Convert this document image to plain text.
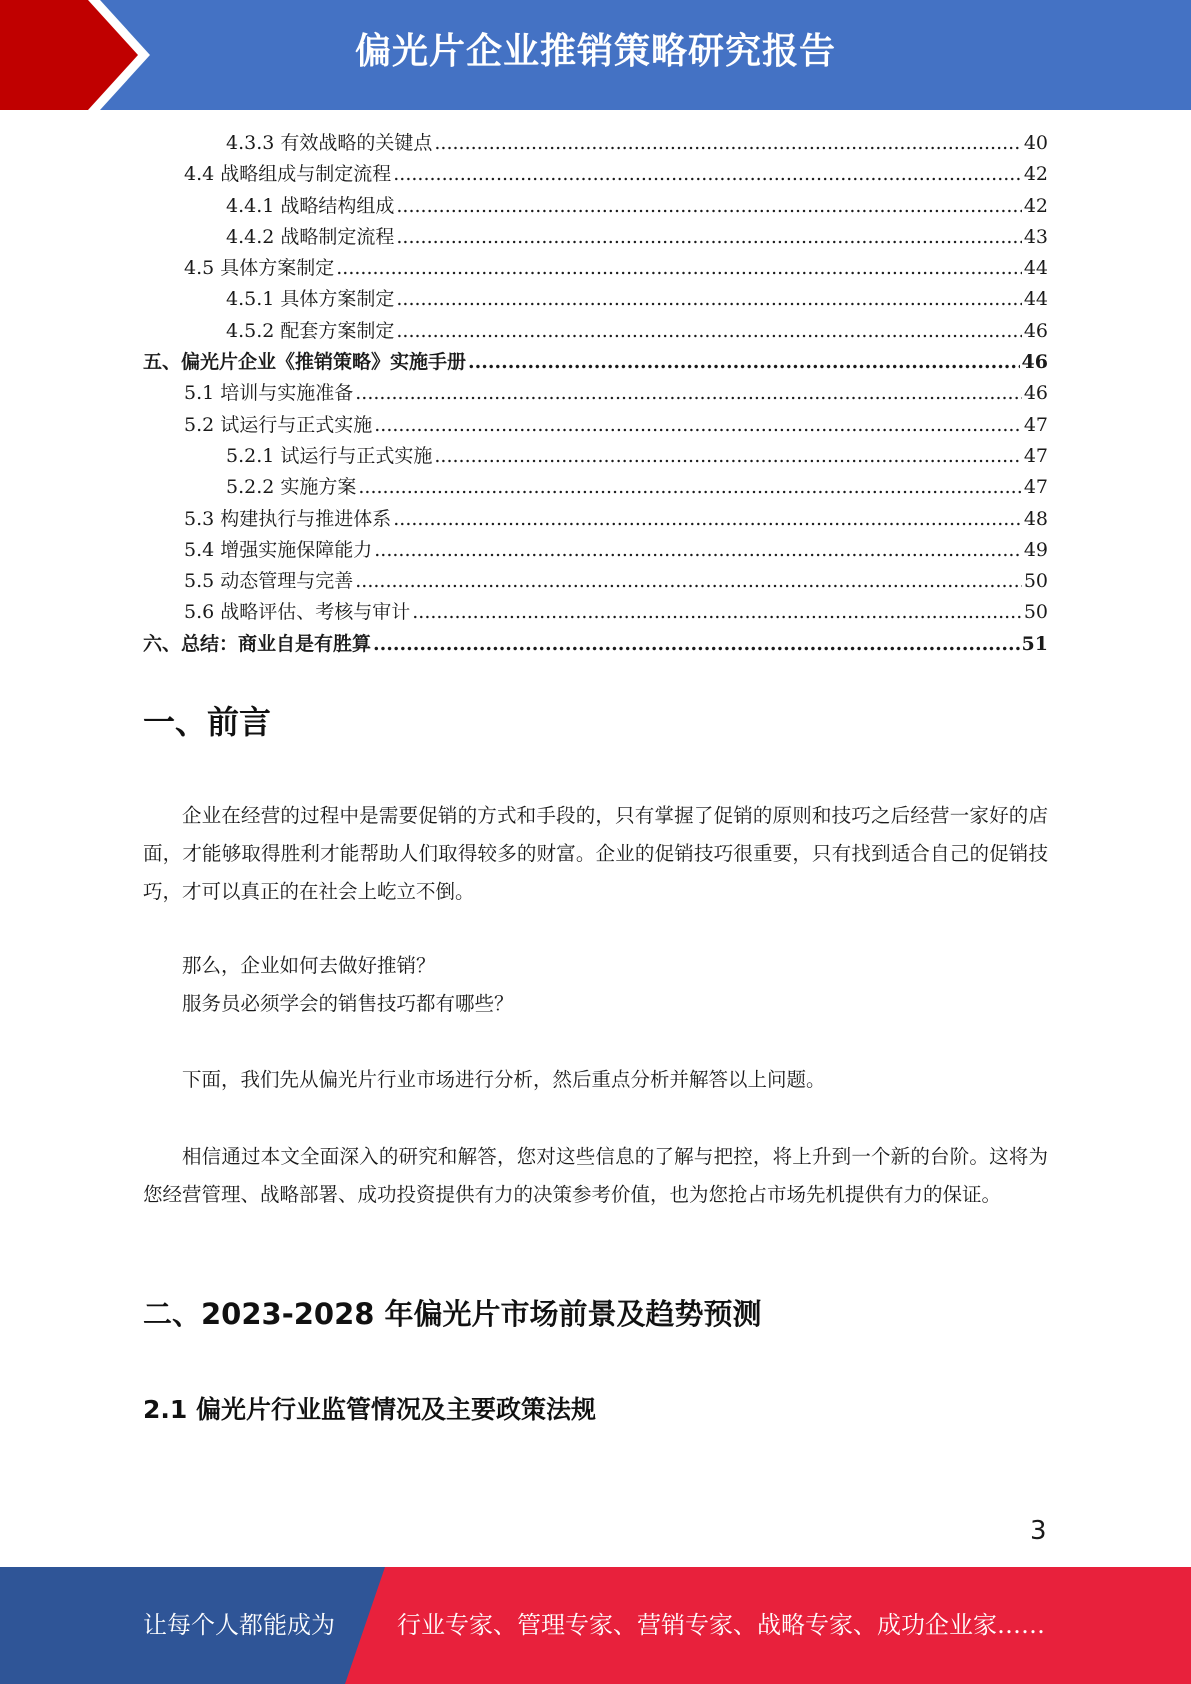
偏光片企业推销策略研究报告
4.3.3 有效战略的关键点 .....	40
4.4 战略组成与制定流程 .....	42
4.4.1 战略结构组成 .....	42
4.4.2 战略制定流程 .....	43
4.5 具体方案制定 .....	44
4.5.1 具体方案制定 .....	44
4.5.2 配套方案制定 .....	46
五、偏光片企业《推销策略》实施手册 .....	46
5.1 培训与实施准备 .....	46
5.2 试运行与正式实施 .....	47
5.2.1 试运行与正式实施 .....	47
5.2.2 实施方案 .....	47
5.3 构建执行与推进体系 .....	48
5.4 增强实施保障能力 .....	49
5.5 动态管理与完善 .....	50
5.6 战略评估、考核与审计 .....	50
六、总结：商业自是有胜算 .....	51
一、前言

企业在经营的过程中是需要促销的方式和手段的，只有掌握了促销的原则和技巧之后经营一家好的店面，才能够取得胜利才能帮助人们取得较多的财富。企业的促销技巧很重要，只有找到适合自己的促销技巧，才可以真正的在社会上屹立不倒。

那么，企业如何去做好推销？

服务员必须学会的销售技巧都有哪些？

下面，我们先从偏光片行业市场进行分析，然后重点分析并解答以上问题。

相信通过本文全面深入的研究和解答，您对这些信息的了解与把控，将上升到一个新的台阶。这将为您经营管理、战略部署、成功投资提供有力的决策参考价值，也为您抢占市场先机提供有力的保证。

二、2023-2028 年偏光片市场前景及趋势预测
2.1 偏光片行业监管情况及主要政策法规
3
让每个人都能成为	行业专家、管理专家、营销专家、战略专家、成功企业家……
